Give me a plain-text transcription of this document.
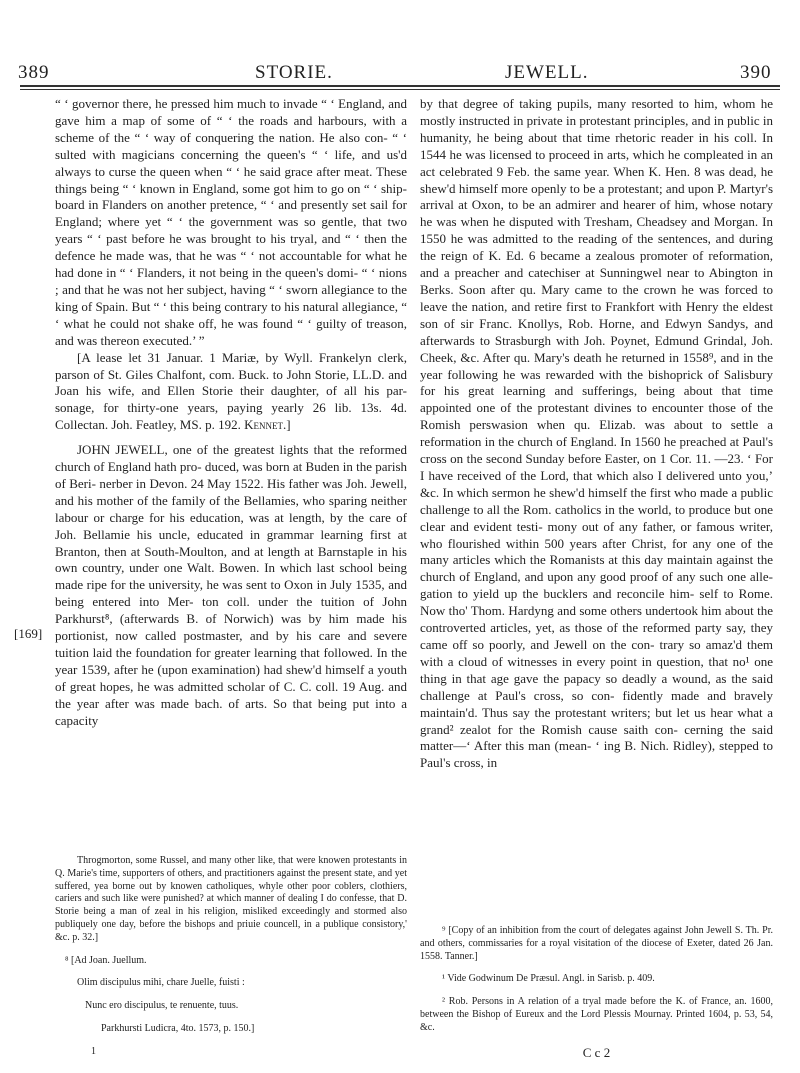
389	STORIE.	JEWELL.	390
[169]

“ ‘ governor there, he pressed him much to invade “ ‘ England, and gave him a map of some of “ ‘ the roads and harbours, with a scheme of the “ ‘ way of conquering the nation. He also con- “ ‘ sulted with magicians concerning the queen's “ ‘ life, and us'd always to curse the queen when “ ‘ he said grace after meat. These things being “ ‘ known in England, some got him to go on “ ‘ ship-board in Flanders on another pretence, “ ‘ and presently set sail for England; where yet “ ‘ the government was so gentle, that two years “ ‘ past before he was brought to his tryal, and “ ‘ then the defence he made was, that he was “ ‘ not accountable for what he had done in “ ‘ Flanders, it not being in the queen's domi- “ ‘ nions ; and that he was not her subject, having “ ‘ sworn allegiance to the king of Spain. But “ ‘ this being contrary to his natural allegiance, “ ‘ what he could not shake off, he was found “ ‘ guilty of treason, and was thereon executed.’ ”

[A lease let 31 Januar. 1 Mariæ, by Wyll. Frankelyn clerk, parson of St. Giles Chalfont, com. Buck. to John Storie, LL.D. and Joan his wife, and Ellen Storie their daughter, of all his par- sonage, for thirty-one years, paying yearly 26 lib. 13s. 4d. Collectan. Joh. Featley, MS. p. 192. Kennet.]

JOHN JEWELL, one of the greatest lights that the reformed church of England hath pro- duced, was born at Buden in the parish of Beri- nerber in Devon. 24 May 1522. His father was Joh. Jewell, and his mother of the family of the Bellamies, who sparing neither labour or charge for his education, was at length, by the care of Joh. Bellamie his uncle, educated in grammar learning first at Branton, then at South-Moulton, and at length at Barnstaple in his own country, under one Walt. Bowen. In which last school being made ripe for the university, he was sent to Oxon in July 1535, and being entered into Mer- ton coll. under the tuition of John Parkhurst⁸, (afterwards B. of Norwich) was by him made his portionist, now called postmaster, and by his care and severe tuition laid the foundation for greater learning that followed. In the year 1539, after he (upon examination) had shew'd himself a youth of great hopes, he was admitted scholar of C. C. coll. 19 Aug. and the year after was made bach. of arts. So that being put into a capacity

Throgmorton, some Russel, and many other like, that were knowen protestants in Q. Marie's time, supporters of others, and practitioners against the present state, and yet suffered, yea borne out by knowen catholiques, whyle other poor coblers, clothiers, cariers and such like were punished? at which manner of dealing I do confesse, that D. Storie being a man of zeal in his religion, misliked exceedingly and stormed also publiquely one day, before the bishops and priuie councell, in a publique consistory,' &c. p. 32.]

⁸ [Ad Joan. Juellum.

Olim discipulus mihi, chare Juelle, fuisti :

Nunc ero discipulus, te renuente, tuus.

Parkhursti Ludicra, 4to. 1573, p. 150.]

1

by that degree of taking pupils, many resorted to him, whom he mostly instructed in private in protestant principles, and in public in humanity, he being about that time rhetoric reader in his coll. In 1544 he was licensed to proceed in arts, which he compleated in an act celebrated 9 Feb. the same year. When K. Hen. 8 was dead, he shew'd himself more openly to be a protestant; and upon P. Martyr's arrival at Oxon, to be an admirer and hearer of him, whose notary he was when he disputed with Tresham, Cheadsey and Morgan. In 1550 he was admitted to the reading of the sentences, and during the reign of K. Ed. 6 became a zealous promoter of reformation, and a preacher and catechiser at Sunningwel near to Abington in Berks. Soon after qu. Mary came to the crown he was forced to leave the nation, and retire first to Frankfort with Henry the eldest son of sir Franc. Knollys, Rob. Horne, and Edwyn Sandys, and afterwards to Strasburgh with Joh. Poynet, Edmund Grindal, Joh. Cheek, &c. After qu. Mary's death he returned in 1558⁹, and in the year following he was rewarded with the bishoprick of Salisbury for his great learning and sufferings, being about that time appointed one of the protestant divines to encounter those of the Romish perswasion when qu. Elizab. was about to settle a reformation in the church of England. In 1560 he preached at Paul's cross on the second Sunday before Easter, on 1 Cor. 11. —23. ‘ For I have received of the Lord, that which also I delivered unto you,’ &c. In which sermon he shew'd himself the first who made a public challenge to all the Rom. catholics in the world, to produce but one clear and evident testi- mony out of any father, or famous writer, who flourished within 500 years after Christ, for any one of the many articles which the Romanists at this day maintain against the church of England, and upon any good proof of any such one alle- gation to yield up the bucklers and reconcile him- self to Rome. Now tho' Thom. Hardyng and some others undertook him about the controverted articles, yet, as those of the reformed party say, they came off so poorly, and Jewell on the con- trary so amaz'd them with a cloud of witnesses in every point in question, that no¹ one thing in that age gave the papacy so deadly a wound, as the said challenge at Paul's cross, so con- fidently made and bravely maintain'd. Thus say the protestant writers; but let us hear what a grand² zealot for the Romish cause saith con- cerning the said matter—‘ After this man (mean- ‘ ing B. Nich. Ridley), stepped to Paul's cross, in

⁹ [Copy of an inhibition from the court of delegates against John Jewell S. Th. Pr. and others, commissaries for a royal visitation of the diocese of Exeter, dated 26 Jan. 1558. Tanner.]

¹ Vide Godwinum De Præsul. Angl. in Sarisb. p. 409.

² Rob. Persons in A relation of a tryal made before the K. of France, an. 1600, between the Bishop of Eureux and the Lord Plessis Mournay. Printed 1604, p. 53, 54, &c.

C c 2
